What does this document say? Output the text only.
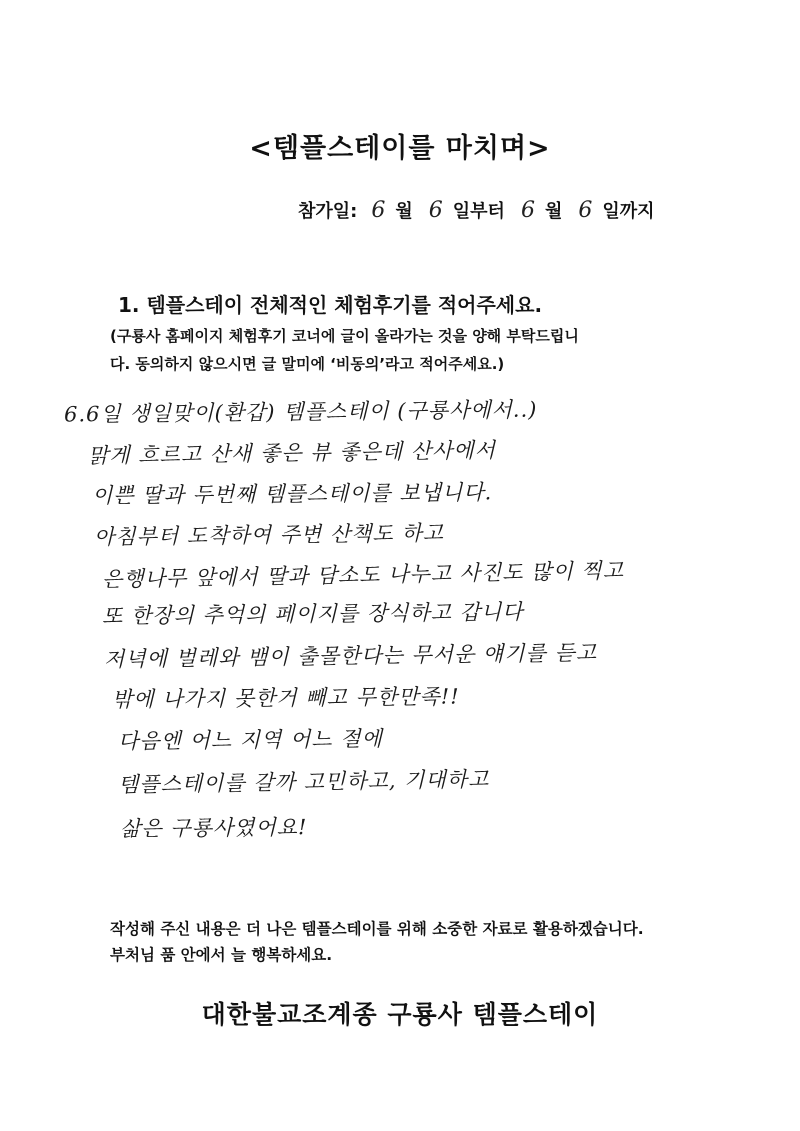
<템플스테이를 마치며>
참가일: 6 월 6 일부터 6 월 6 일까지
1. 템플스테이 전체적인 체험후기를 적어주세요.
(구룡사 홈페이지 체험후기 코너에 글이 올라가는 것을 양해 부탁드립니
다. 동의하지 않으시면 글 말미에 ‘비동의’라고 적어주세요.)
6.6일 생일맞이(환갑) 템플스테이 (구룡사에서..)
맑게 흐르고 산새 좋은 뷰 좋은데 산사에서
이쁜 딸과 두번째 템플스테이를 보냅니다.
아침부터 도착하여 주변 산책도 하고
은행나무 앞에서 딸과 담소도 나누고 사진도 많이 찍고
또 한장의 추억의 페이지를 장식하고 갑니다
저녁에 벌레와 뱀이 출몰한다는 무서운 얘기를 듣고
밖에 나가지 못한거 빼고 무한만족!!
다음엔 어느 지역 어느 절에
템플스테이를 갈까 고민하고, 기대하고
삶은 구룡사였어요!
작성해 주신 내용은 더 나은 템플스테이를 위해 소중한 자료로 활용하겠습니다.
부처님 품 안에서 늘 행복하세요.
대한불교조계종 구룡사 템플스테이
